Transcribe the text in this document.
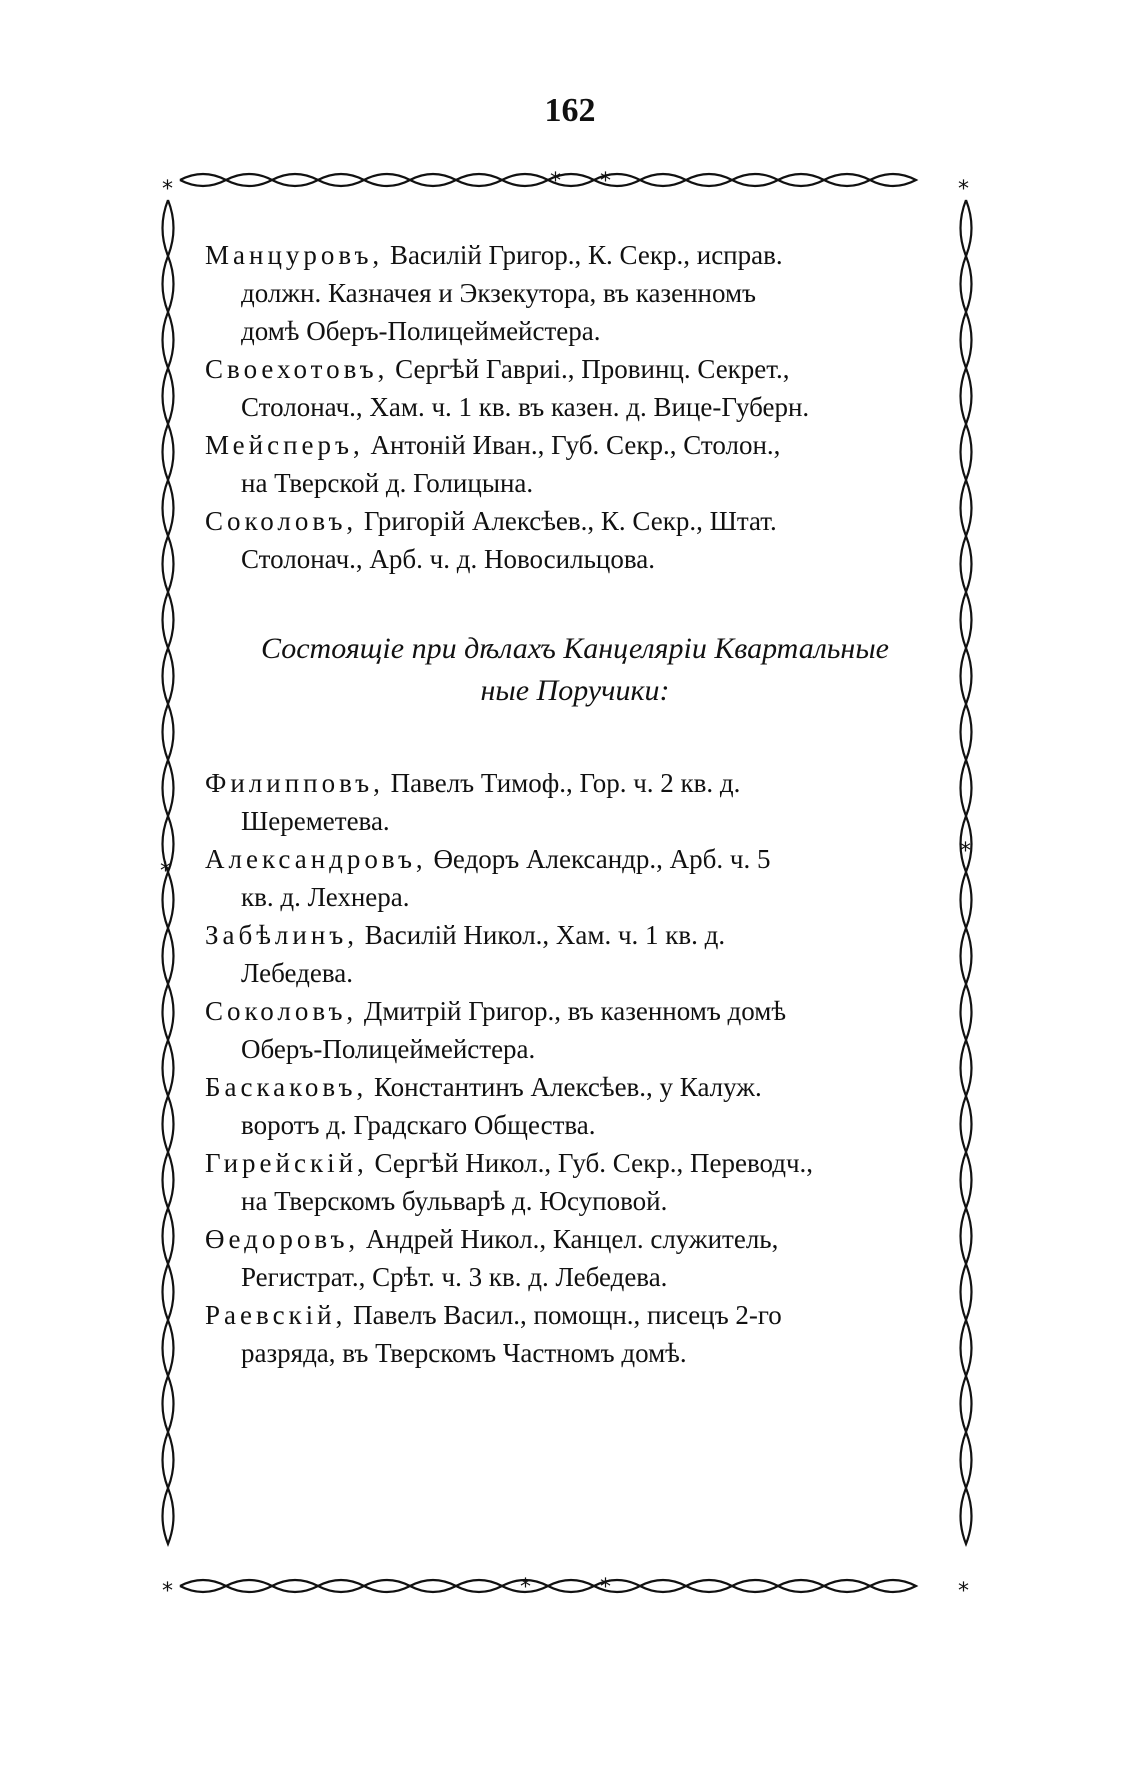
162
*	*
*	*
* *
*	*
*
*
Манцуровъ, Василій Григор., К. Секр., исправ.
должн. Казначея и Экзекутора, въ казенномъ
домѣ Оберъ-Полицеймейстера.
Своехотовъ, Сергѣй Гавриі., Провинц. Секрет.,
Столонач., Хам. ч. 1 кв. въ казен. д. Вице-Губерн.
Мейсперъ, Антоній Иван., Губ. Секр., Столон.,
на Тверской д. Голицына.
Соколовъ, Григорій Алексѣев., К. Секр., Штат.
Столонач., Арб. ч. д. Новосильцова.
Состоящіе при дѣлахъ Канцеляріи Квартальные
ные Поручики:
Филипповъ, Павелъ Тимоф., Гор. ч. 2 кв. д.
Шереметева.
Александровъ, Өедоръ Александр., Арб. ч. 5
кв. д. Лехнера.
Забѣлинъ, Василій Никол., Хам. ч. 1 кв. д.
Лебедева.
Соколовъ, Дмитрій Григор., въ казенномъ домѣ
Оберъ-Полицеймейстера.
Баскаковъ, Константинъ Алексѣев., у Калуж.
воротъ д. Градскаго Общества.
Гирейскій, Сергѣй Никол., Губ. Секр., Переводч.,
на Тверскомъ бульварѣ д. Юсуповой.
Өедоровъ, Андрей Никол., Канцел. служитель,
Регистрат., Срѣт. ч. 3 кв. д. Лебедева.
Раевскій, Павелъ Васил., помощн., писецъ 2-го
разряда, въ Тверскомъ Частномъ домѣ.
